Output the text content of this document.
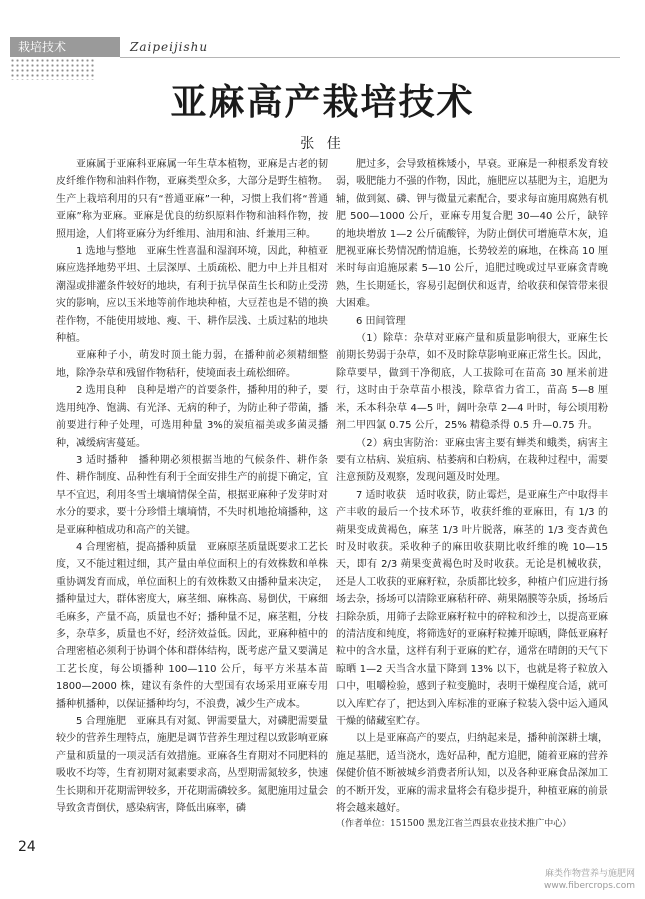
栽培技术	Zaipeijishu
亚麻高产栽培技术
张 佳

亚麻属于亚麻科亚麻属一年生草本植物，亚麻是古老的韧皮纤维作物和油料作物，亚麻类型众多，大部分是野生植物。生产上栽培利用的只有“普通亚麻”一种，习惯上我们将“普通亚麻”称为亚麻。亚麻是优良的纺织原料作物和油料作物，按照用途，人们将亚麻分为纤维用、油用和油、纤兼用三种。

1 选地与整地　亚麻生性喜温和湿润环境，因此，种植亚麻应选择地势平坦、土层深厚、土质疏松、肥力中上并且相对潮湿或排灌条件较好的地块，有利于抗旱保苗生长和防止受涝灾的影响，应以玉米地等前作地块种植，大豆茬也是不错的换茬作物，不能使用坡地、瘦、干、耕作层浅、土质过粘的地块种植。

亚麻种子小，萌发时顶土能力弱，在播种前必须精细整地，除净杂草和残留作物秸秆，使境面表土疏松细碎。

2 选用良种　良种是增产的首要条件，播种用的种子，要选用纯净、饱满、有光泽、无病的种子，为防止种子带菌，播前要进行种子处理，可选用种量 3%的炭疽福美或多菌灵播种，减缓病害蔓延。

3 适时播种　播种期必须根据当地的气候条件、耕作条件、耕作制度、品种性有利于全面安排生产的前提下确定，宜早不宜迟，利用冬雪土壤墒情保全苗，根据亚麻种子发芽时对水分的要求，要十分珍惜土壤墒情，不失时机地抢墒播种，这是亚麻种植成功和高产的关键。

4 合理密植，提高播种质量　亚麻原茎质量既要求工艺长度，又不能过粗过细，其产量由单位面积上的有效株数和单株重协调发育而成，单位面积上的有效株数又由播种量来决定，播种量过大，群体密度大，麻茎细、麻株高、易倒伏，干麻细毛麻多，产量不高，质量也不好；播种量不足，麻茎粗，分枝多，杂草多，质量也不好，经济效益低。因此，亚麻种植中的合理密植必须利于协调个体和群体结构，既考虑产量又要满足工艺长度，每公顷播种 100—110 公斤，每平方米基本苗 1800—2000 株，建议有条件的大型国有农场采用亚麻专用播种机播种，以保证播种均匀，不浪费，减少生产成本。

5 合理施肥　亚麻具有对氮、钾需要量大，对磷肥需要量较少的营养生理特点，施肥是调节营养生理过程以致影响亚麻产量和质量的一项灵活有效措施。亚麻各生育期对不同肥料的吸收不均等，生育初期对氮素要求高，丛型期需氮较多，快速生长期和开花期需钾较多，开花期需磷较多。氮肥施用过量会导致贪青倒伏，感染病害，降低出麻率，磷

肥过多，会导致植株矮小，早衰。亚麻是一种根系发育较弱，吸肥能力不强的作物，因此，施肥应以基肥为主，追肥为辅，做到氮、磷、钾与微量元素配合，要求每亩施用腐熟有机肥 500—1000 公斤，亚麻专用复合肥 30—40 公斤，缺锌的地块增放 1—2 公斤硫酸锌，为防止倒伏可增施草木灰，追肥视亚麻长势情况酌情追施，长势较差的麻地，在株高 10 厘米时每亩追施尿素 5—10 公斤，追肥过晚或过早亚麻贪青晚熟，生长期延长，容易引起倒伏和返青，给收获和保管带来很大困难。

6 田间管理

（1）除草：杂草对亚麻产量和质量影响很大，亚麻生长前期长势弱于杂草，如不及时除草影响亚麻正常生长。因此，除草要早，做到干净彻底，人工拔除可在苗高 30 厘米前进行，这时由于杂草苗小根浅，除草省力省工，苗高 5—8 厘米，禾本科杂草 4—5 叶，阔叶杂草 2—4 叶时，每公顷用粉剂二甲四氯 0.75 公斤，25% 精稳杀得 0.5 升—0.75 升。

（2）病虫害防治：亚麻虫害主要有蝉类和蛾类，病害主要有立枯病、炭疽病、枯萎病和白粉病，在栽种过程中，需要注意预防及观察，发现问题及时处理。

7 适时收获　适时收获，防止霉烂，是亚麻生产中取得丰产丰收的最后一个技术环节，收获纤维的亚麻田，有 1/3 的蒴果变成黄褐色，麻茎 1/3 叶片脱落，麻茎的 1/3 变杏黄色时及时收获。采收种子的麻田收获期比收纤维的晚 10—15 天，即有 2/3 蒴果变黄褐色时及时收获。无论是机械收获，还是人工收获的亚麻籽粒，杂质都比较多，种植户们应进行扬场去杂，扬场可以清除亚麻秸秆碎、蒴果隔膜等杂质，扬场后扫除杂质，用筛子去除亚麻籽粒中的碎粒和沙土，以提高亚麻的清洁度和纯度，将筛选好的亚麻籽粒摊开晾晒，降低亚麻籽粒中的含水量，这样有利于亚麻的贮存，通常在晴朗的天气下晾晒 1—2 天当含水量下降到 13% 以下，也就是将子粒放入口中，咀嚼检验，感到子粒变脆时，表明干燥程度合适，就可以入库贮存了，把达到入库标准的亚麻子粒装入袋中运入通风干燥的储藏室贮存。

以上是亚麻高产的要点，归纳起来是，播种前深耕土壤，施足基肥，适当浇水，选好品种，配方追肥，随着亚麻的营养保健价值不断被城乡消费者所认知，以及各种亚麻食品深加工的不断开发，亚麻的需求量将会有稳步提升，种植亚麻的前景将会越来越好。

（作者单位：151500 黑龙江省兰西县农业技术推广中心）

24
麻类作物营养与施肥网
www.fibercrops.com
